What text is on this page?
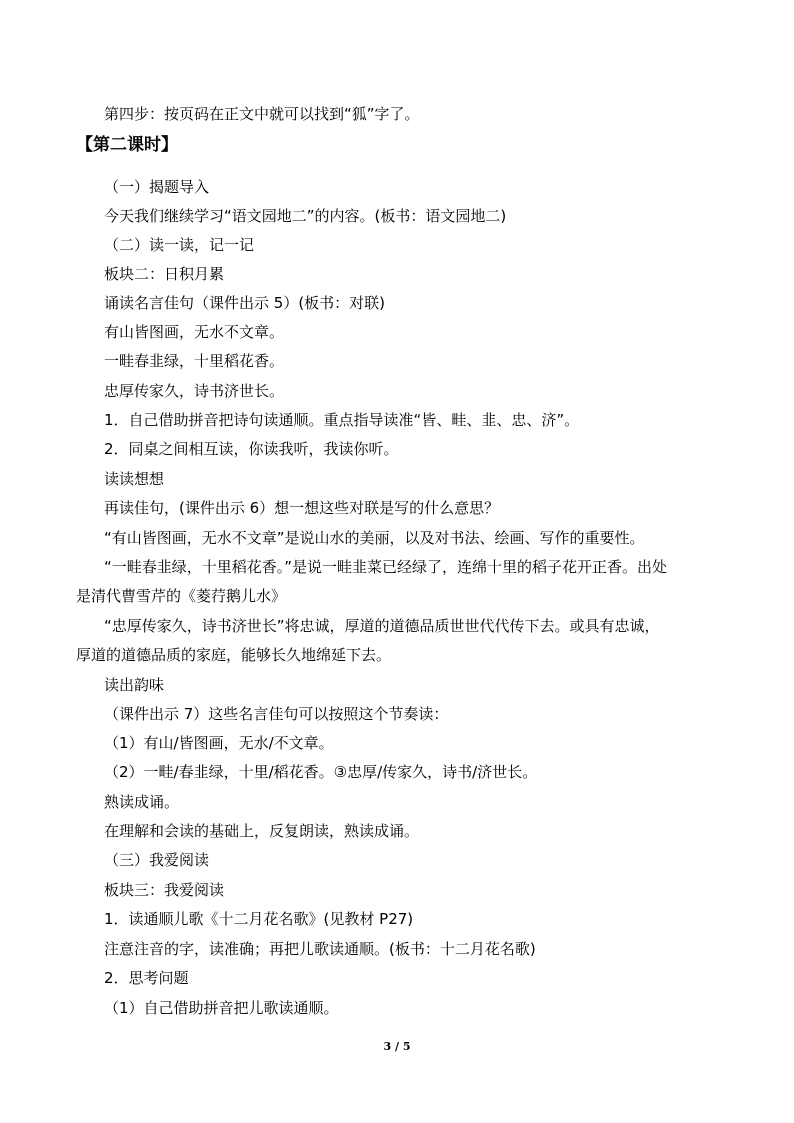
第四步：按页码在正文中就可以找到“狐”字了。
【第二课时】
（一）揭题导入
今天我们继续学习“语文园地二”的内容。(板书：语文园地二)
（二）读一读，记一记
板块二：日积月累
诵读名言佳句（课件出示 5）(板书：对联)
有山皆图画，无水不文章。
一畦春韭绿，十里稻花香。
忠厚传家久，诗书济世长。
1．自己借助拼音把诗句读通顺。重点指导读准“皆、畦、韭、忠、济”。
2．同桌之间相互读，你读我听，我读你听。
读读想想
再读佳句，(课件出示 6）想一想这些对联是写的什么意思？
“有山皆图画，无水不文章”是说山水的美丽，以及对书法、绘画、写作的重要性。
“一畦春韭绿，十里稻花香。”是说一畦韭菜已经绿了，连绵十里的稻子花开正香。出处
是清代曹雪芹的《菱荇鹅儿水》
“忠厚传家久，诗书济世长”将忠诚，厚道的道德品质世世代代传下去。或具有忠诚，
厚道的道德品质的家庭，能够长久地绵延下去。
读出韵味
（课件出示 7）这些名言佳句可以按照这个节奏读：
（1）有山/皆图画，无水/不文章。
（2）一畦/春韭绿，十里/稻花香。③忠厚/传家久，诗书/济世长。
熟读成诵。
在理解和会读的基础上，反复朗读，熟读成诵。
（三）我爱阅读
板块三：我爱阅读
1．读通顺儿歌《十二月花名歌》(见教材 P27)
注意注音的字，读准确；再把儿歌读通顺。(板书：十二月花名歌)
2．思考问题
（1）自己借助拼音把儿歌读通顺。
3 / 5
